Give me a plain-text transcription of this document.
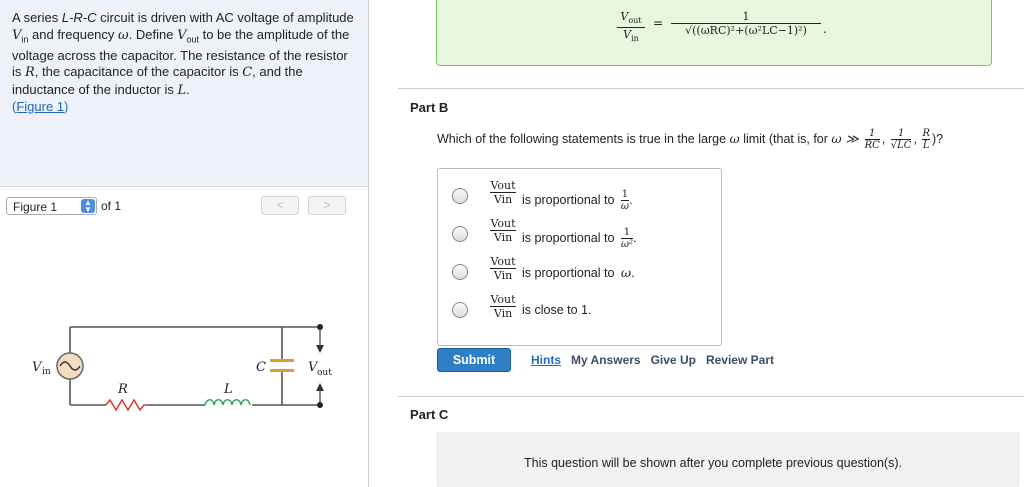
A series L-R-C circuit is driven with AC voltage of amplitude $V_{in}$ and frequency ω. Define $V_{out}$ to be the amplitude of the voltage across the capacitor. The resistance of the resistor is R, the capacitance of the capacitor is C, and the inductance of the inductor is L.
(Figure 1)
Figure 1	▲
▼ of 1	<	>
V in
R	L
C	V out
$V_{out}$
$V_{in}$
=	1
√((ωRC)²+(ω²LC−1)²)	.
Part B
Which of the following statements is true in the large ω limit (that is, for ω ≫ $\frac{1}{RC}$ , $\frac{1}{√LC}$ , $\frac{R}{L}$ )?
Vout
Vin is proportional to $\frac{1}{\omega}$ .
Vout
Vin is proportional to $\frac{1}{\text{ω²}}$ .
Vout
Vin is proportional to ω.
Vout
Vin is close to 1.
Submit	Hints My Answers Give Up Review Part
Part C
This question will be shown after you complete previous question(s).
